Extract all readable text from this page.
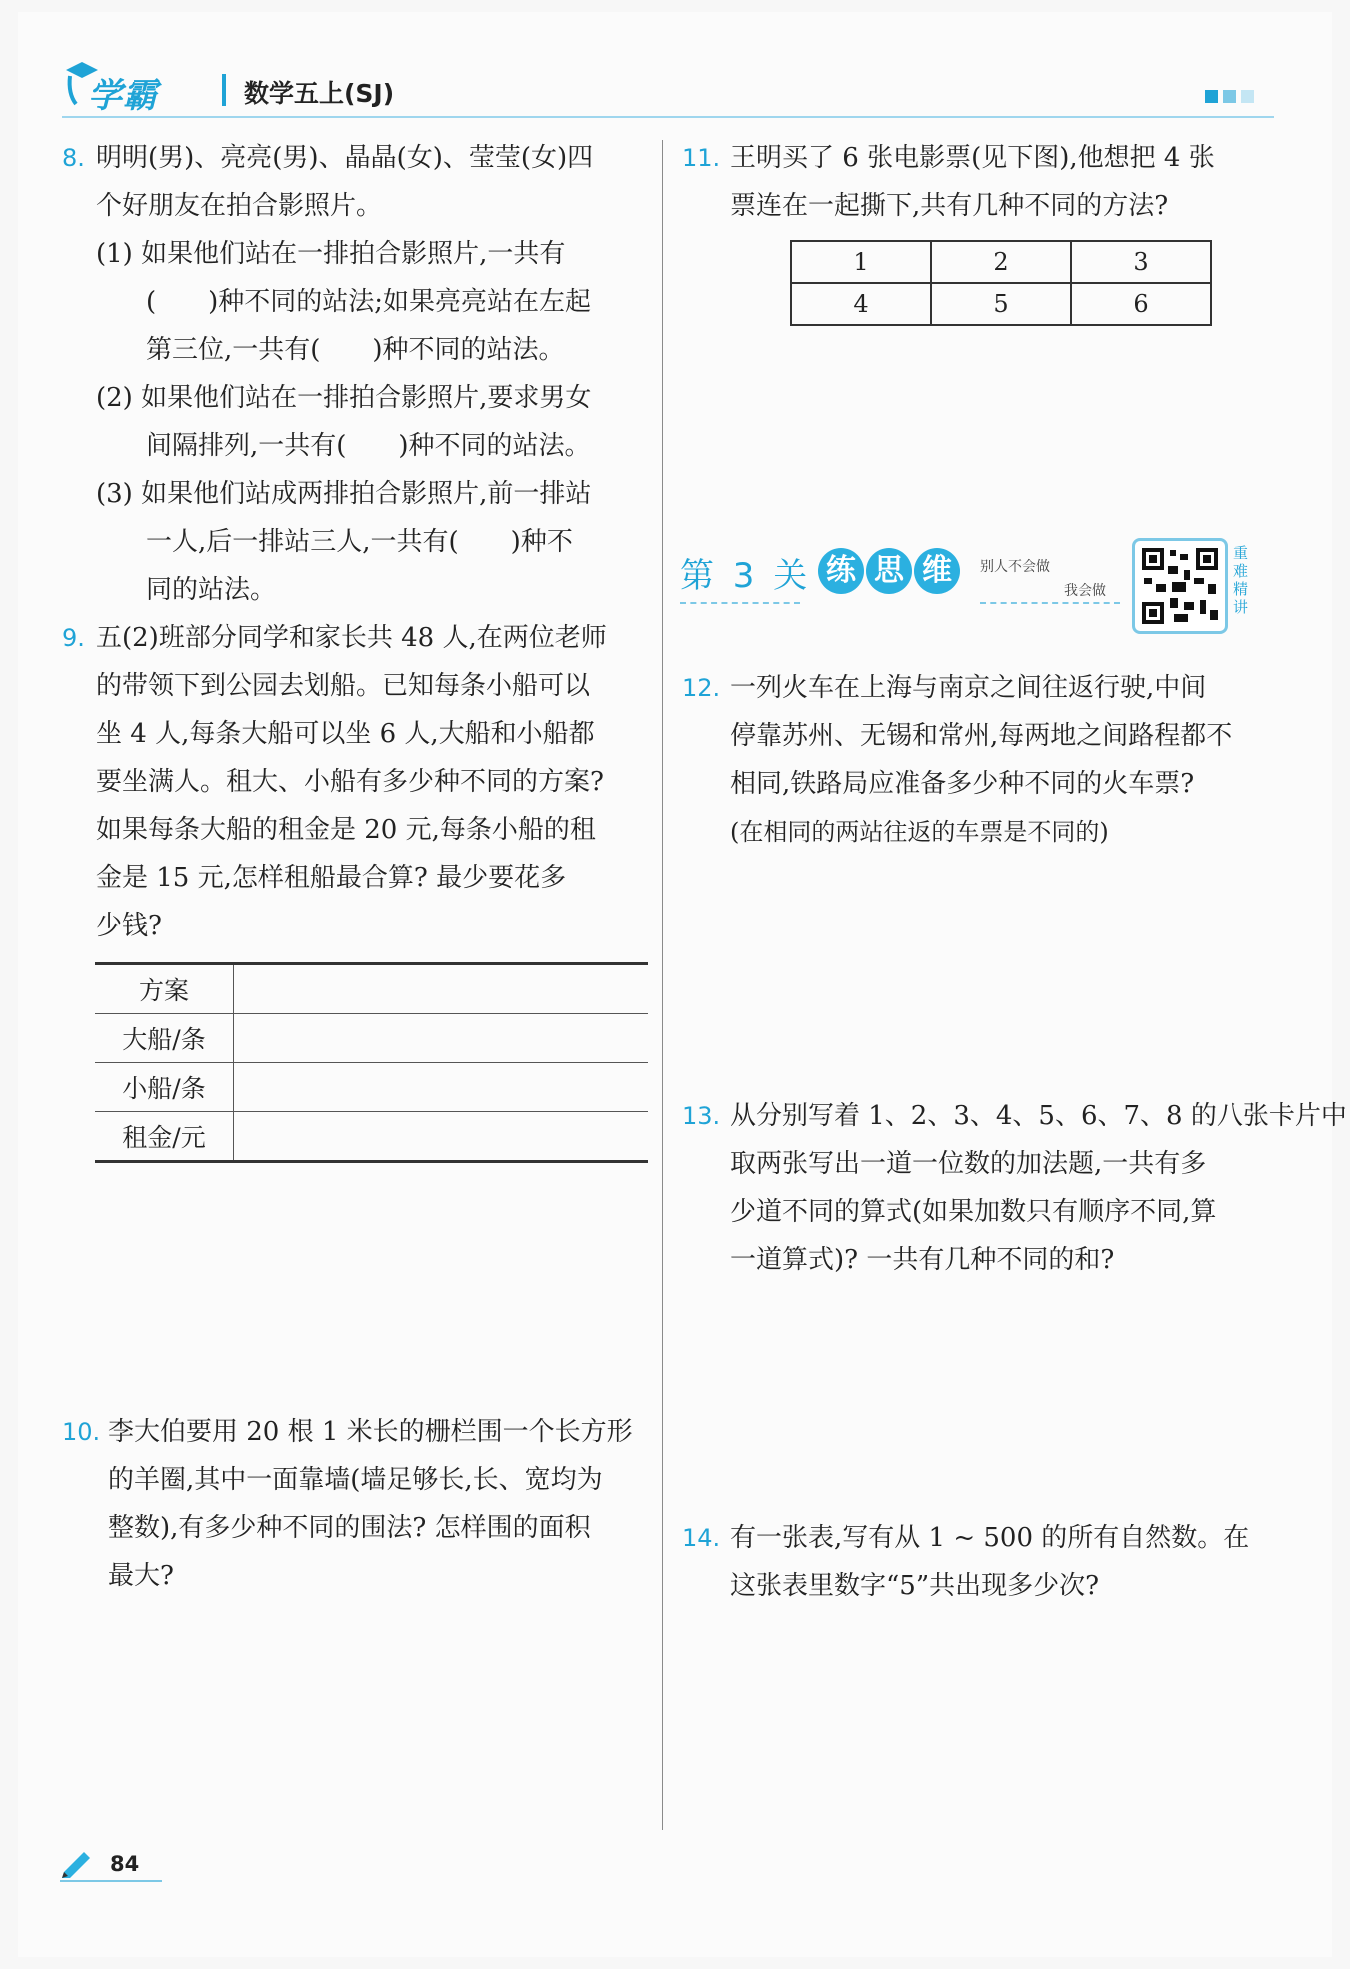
学霸	数学五上(SJ)
8. 明明(男)、亮亮(男)、晶晶(女)、莹莹(女)四
个好朋友在拍合影照片。
(1) 如果他们站在一排拍合影照片,一共有
(　　)种不同的站法;如果亮亮站在左起
第三位,一共有(　　)种不同的站法。
(2) 如果他们站在一排拍合影照片,要求男女
间隔排列,一共有(　　)种不同的站法。
(3) 如果他们站成两排拍合影照片,前一排站
一人,后一排站三人,一共有(　　)种不
同的站法。
9. 五(2)班部分同学和家长共 48 人,在两位老师
的带领下到公园去划船。已知每条小船可以
坐 4 人,每条大船可以坐 6 人,大船和小船都
要坐满人。租大、小船有多少种不同的方案?
如果每条大船的租金是 20 元,每条小船的租
金是 15 元,怎样租船最合算? 最少要花多
少钱?
方案	
大船/条	
小船/条	
租金/元	
10. 李大伯要用 20 根 1 米长的栅栏围一个长方形
的羊圈,其中一面靠墙(墙足够长,长、宽均为
整数),有多少种不同的围法? 怎样围的面积
最大?
11. 王明买了 6 张电影票(见下图),他想把 4 张
票连在一起撕下,共有几种不同的方法?
1	2	3
4	5	6
第 3 关 练 思 维	别人不会做
我会做
重难精讲
12. 一列火车在上海与南京之间往返行驶,中间
停靠苏州、无锡和常州,每两地之间路程都不
相同,铁路局应准备多少种不同的火车票?
(在相同的两站往返的车票是不同的)
13. 从分别写着 1、2、3、4、5、6、7、8 的八张卡片中
取两张写出一道一位数的加法题,一共有多
少道不同的算式(如果加数只有顺序不同,算
一道算式)? 一共有几种不同的和?
14. 有一张表,写有从 1 ~ 500 的所有自然数。在
这张表里数字“5”共出现多少次?
84
